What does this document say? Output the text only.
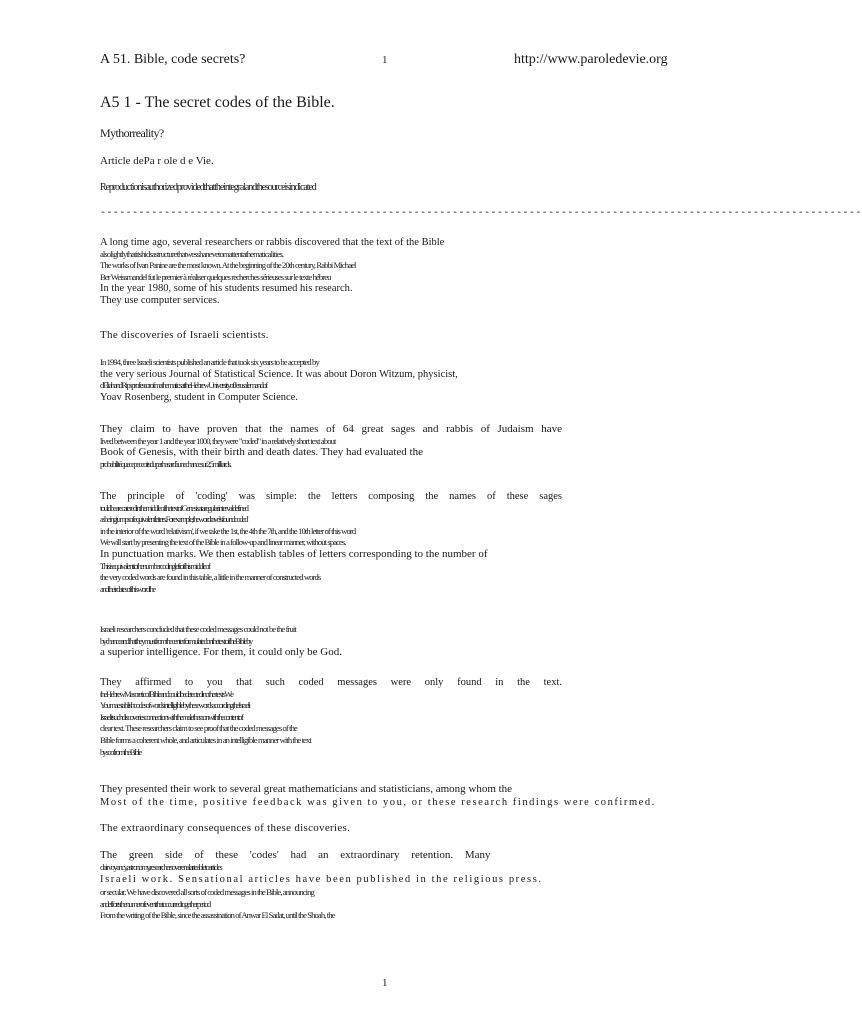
A 51. Bible, code secrets?	1	http://www.paroledevie.org
A5 1 - The secret codes of the Bible.
Mythorreality?
Article dePa r ole d e Vie.
Reproductionisauthorizedprovidedthattheintegralandthesourceisindicated
-----------------------------------------------------------------------------------------------------------------------
A long time ago, several researchers or rabbis discovered that the text of the Bible
alsolightlythatitshidsastructurethatwesshanevetomattentathematicalities.
The works of Ivan Panine are the most known. At the beginning of the 20th century, Rabbi Michael
Ber Weissmandel fut le premier à réaliser quelques recherches sérieuses sur le texte hébreu
In the year 1980, some of his students resumed his research.
They use computer services.
The discoveries of Israeli scientists.
In 1994, three Israeli scientists published an article that took six years to be accepted by
the very serious Journal of Statistical Science. It was about Doron Witzum, physicist,
d'EliahandRipsprofessorofmathematicsattheHebrewUniversityofJerusalemandof
Yoav Rosenberg, student in Computer Science.
They claim to have proven that the names of 64 great sages and rabbis of Judaism have
lived between the year 1 and the year 1000, they were "coded" in a relatively short text about
Book of Genesis, with their birth and death dates. They had evaluated the
probabilitéquecepeceoitsduparhasardàunechancesur2,5milliards.
The principle of 'coding' was simple: the letters composing the names of these sages
touldbearecateredinthemiddleofthetextofGenesisataregularintervaldefined
asbeingjumpsofequivalentletters.Forexample,thewordravelsfoundcoded'
in the interior of the word 'relativism', if we take the 1st, the 4th the 7th, and the 10th letter of this word
We will start by presenting the text of the Bible in a follow-up and linear manner, without spaces.
In punctuation marks. We then establish tables of letters corresponding to the number of
Thisisequivalenttothenumbercodingleftofthismiddleof
the very coded words are found in this table, a little in the manner of constructed words
andtheirdatesofthiswordthe
Israeli researchers concluded that these coded messages could not be the fruit
bychanceandthattheymustfromthecenterformulatedonthetextoftheBibleby
a superior intelligence. For them, it could only be God.
They affirmed to you that such coded messages were only found in the text.
theHebrewMasoreticofBibleandcouldbedetectedinothertextsWe
YoumaestablishcodesofwordsintelligiblebythesewordsaccordingtheIsraeli
Israelitsuchdiscoveriesconnectionwiththemaletheraonwiththecontentof
clear text. These researchers claim to see proof that the coded messages of the
Bible forms a coherent whole, and articulates in an intelligible manner with the text
bysoofromtheBible
They presented their work to several great mathematicians and statisticians, among whom the
Most of the time, positive feedback was given to you, or these research findings were confirmed.
The extraordinary consequences of these discoveries.
The green side of these 'codes' had an extraordinary retention. Many
clairvoyancy,astronomy,researchersoverenalarteabletoarticles
Israeli work. Sensational articles have been published in the religious press.
or secular. We have discovered all sorts of coded messages in the Bible, announcing
andeffortsthenumerofeventthatoccurredtogetherperiod
From the writing of the Bible, since the assassination of Anwar El Sadat, until the Shoah, the
1
